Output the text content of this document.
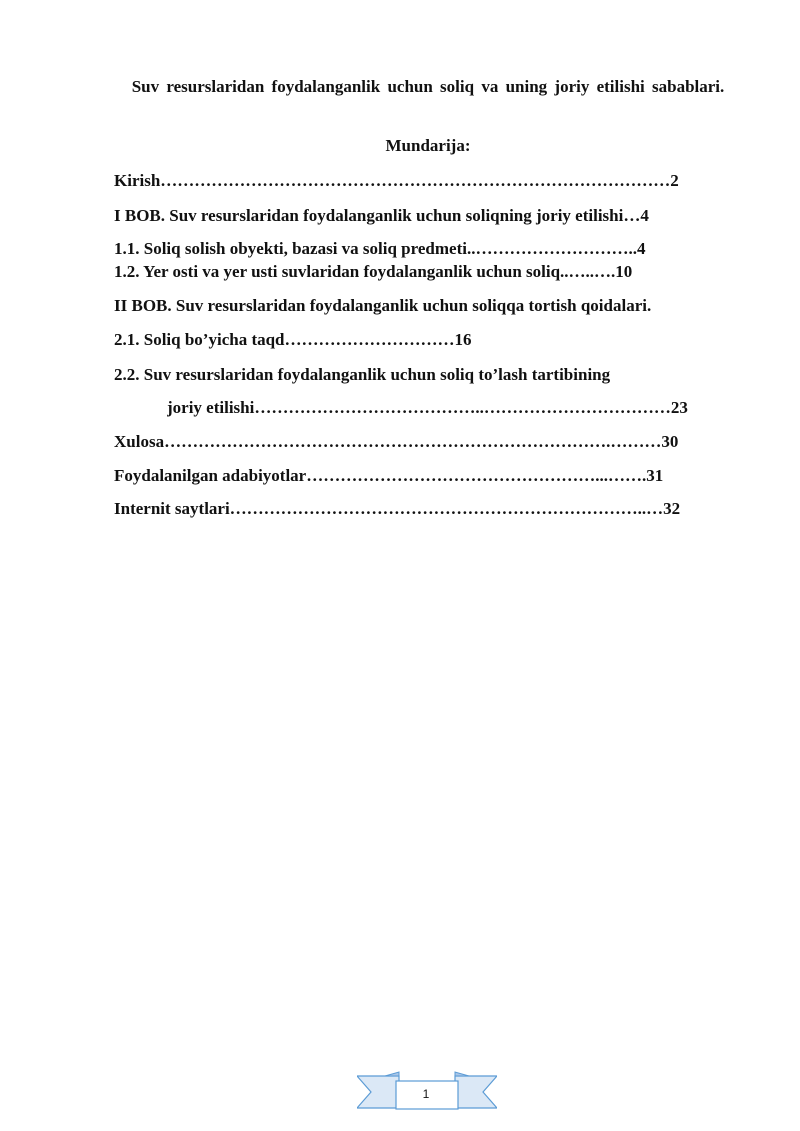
Suv resurslaridan foydalanganlik uchun soliq va uning joriy etilishi sabablari.
Mundarija:
Kirish………………………………………………………………………………2
I BOB. Suv resurslaridan foydalanganlik uchun soliqning joriy etilishi…4
1.1. Soliq solish obyekti, bazasi va soliq predmeti..………………………..4
1.2. Yer osti va yer usti suvlaridan foydalanganlik uchun soliq..…..….10
II BOB. Suv resurslaridan foydalanganlik uchun soliqqa tortish qoidalari.
2.1. Soliq bo’yicha taqd…………………………16
2.2. Suv resurslaridan foydalanganlik uchun soliq to’lash tartibining
joriy etilishi…………………………………..……………………………23
Xulosa…………………………………………………………………….………30
Foydalanilgan adabiyotlar……………………………………………...…….31
Internit saytlari………………………………………………………………..…32
1
